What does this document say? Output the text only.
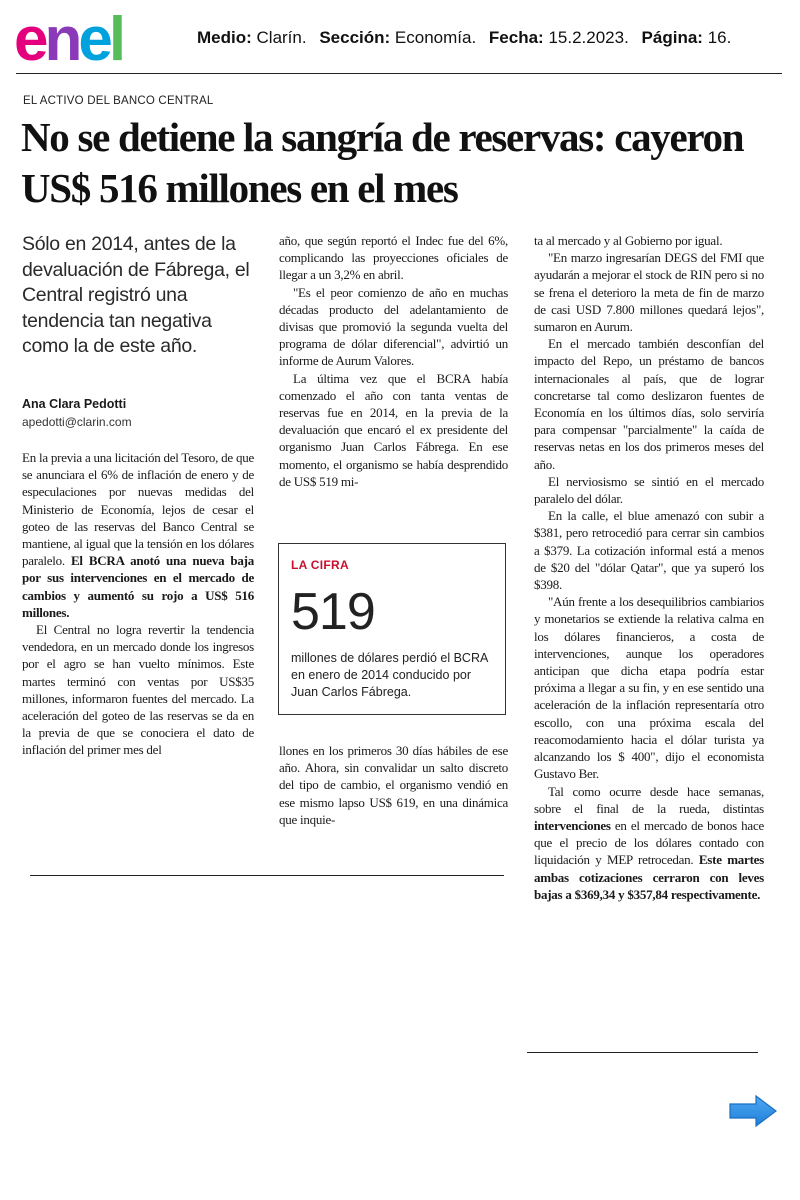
enel	Medio: Clarín. Sección: Economía. Fecha: 15.2.2023. Página: 16.
EL ACTIVO DEL BANCO CENTRAL
No se detiene la sangría de reservas: cayeron US$ 516 millones en el mes

Sólo en 2014, antes de la devaluación de Fábrega, el Central registró una tendencia tan negativa como la de este año.

Ana Clara Pedotti
apedotti@clarin.com

En la previa a una licitación del Tesoro, de que se anunciara el 6% de inflación de enero y de especulaciones por nuevas medidas del Ministerio de Economía, lejos de cesar el goteo de las reservas del Banco Central se mantiene, al igual que la tensión en los dólares paralelo. El BCRA anotó una nueva baja por sus intervenciones en el mercado de cambios y aumentó su rojo a US$ 516 millones.

El Central no logra revertir la tendencia vendedora, en un mercado donde los ingresos por el agro se han vuelto mínimos. Este martes terminó con ventas por US$35 millones, informaron fuentes del mercado. La aceleración del goteo de las reservas se da en la previa de que se conociera el dato de inflación del primer mes del

año, que según reportó el Indec fue del 6%, complicando las proyecciones oficiales de llegar a un 3,2% en abril.

"Es el peor comienzo de año en muchas décadas producto del adelantamiento de divisas que promovió la segunda vuelta del programa de dólar diferencial", advirtió un informe de Aurum Valores.

La última vez que el BCRA había comenzado el año con tanta ventas de reservas fue en 2014, en la previa de la devaluación que encaró el ex presidente del organismo Juan Carlos Fábrega. En ese momento, el organismo se había desprendido de US$ 519 mi-

LA CIFRA
519

millones de dólares perdió el BCRA en enero de 2014 conducido por Juan Carlos Fábrega.

llones en los primeros 30 días hábiles de ese año. Ahora, sin convalidar un salto discreto del tipo de cambio, el organismo vendió en ese mismo lapso US$ 619, en una dinámica que inquie-

ta al mercado y al Gobierno por igual.

"En marzo ingresarían DEGS del FMI que ayudarán a mejorar el stock de RIN pero si no se frena el deterioro la meta de fin de marzo de casi USD 7.800 millones quedará lejos", sumaron en Aurum.

En el mercado también desconfían del impacto del Repo, un préstamo de bancos internacionales al país, que de lograr concretarse tal como deslizaron fuentes de Economía en los últimos días, solo serviría para compensar "parcialmente" la caída de reservas netas en los dos primeros meses del año.

El nerviosismo se sintió en el mercado paralelo del dólar.

En la calle, el blue amenazó con subir a $381, pero retrocedió para cerrar sin cambios a $379. La cotización informal está a menos de $20 del "dólar Qatar", que ya superó los $398.

"Aún frente a los desequilibrios cambiarios y monetarios se extiende la relativa calma en los dólares financieros, a costa de intervenciones, aunque los operadores anticipan que dicha etapa podría estar próxima a llegar a su fin, y en ese sentido una aceleración de la inflación representaría otro escollo, con una próxima escala del reacomodamiento hacia el dólar turista ya alcanzando los $ 400", dijo el economista Gustavo Ber.

Tal como ocurre desde hace semanas, sobre el final de la rueda, distintas intervenciones en el mercado de bonos hace que el precio de los dólares contado con liquidación y MEP retrocedan. Este martes ambas cotizaciones cerraron con leves bajas a $369,34 y $357,84 respectivamente.
